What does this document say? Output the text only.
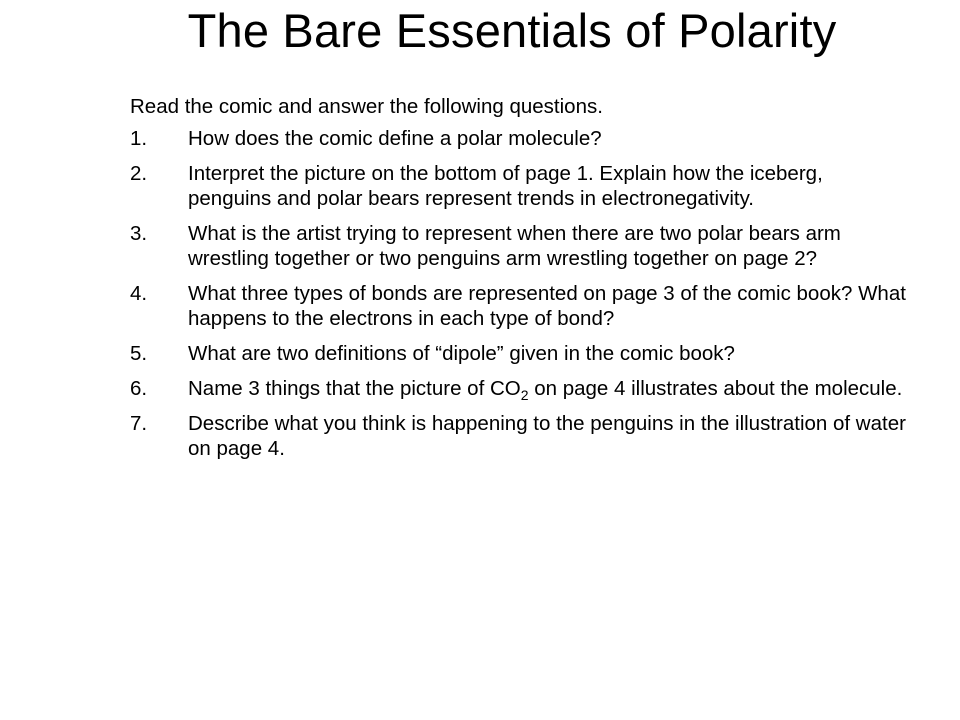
The Bare Essentials of Polarity

Read the comic and answer the following questions.

1.	How does the comic define a polar molecule?
2.	Interpret the picture on the bottom of page 1. Explain how the iceberg, penguins and polar bears represent trends in electronegativity.
3.	What is the artist trying to represent when there are two polar bears arm wrestling together or two penguins arm wrestling together on page 2?
4.	What three types of bonds are represented on page 3 of the comic book? What happens to the electrons in each type of bond?
5.	What are two definitions of “dipole” given in the comic book?
6.	Name 3 things that the picture of $CO_2$ on page 4 illustrates about the molecule.
7.	Describe what you think is happening to the penguins in the illustration of water on page 4.
